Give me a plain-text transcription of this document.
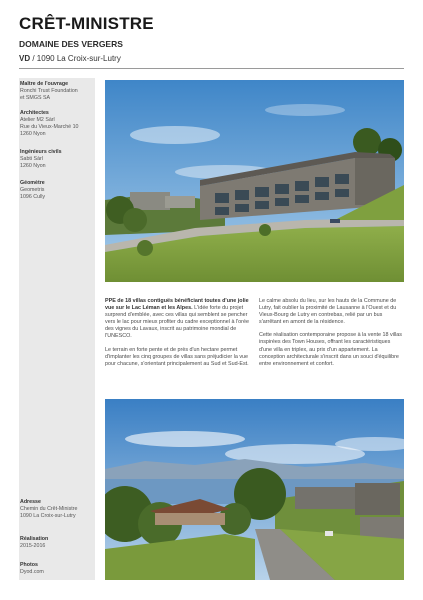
CRÊT-MINISTRE
DOMAINE DES VERGERS
VD / 1090 La Croix-sur-Lutry
Maître de l'ouvrage
Ronchi Trust Foundation
et SMGS SA
Architectes
Atelier M2 Sàrl
Rue du Vieux-Marché 10
1260 Nyon
Ingénieurs civils
Sabti Sàrl
1260 Nyon
Géomètre
Geometris
1096 Cully
Adresse
Chemin du Crêt-Ministre
1090 La Croix-sur-Lutry
Réalisation
2015-2016
Photos
Dyod.com

PPE de 18 villas contiguës bénéficiant toutes d'une jolie vue sur le Lac Léman et les Alpes. L'idée forte du projet surprend d'emblée, avec ces villas qui semblent se pencher vers le lac pour mieux profiter du cadre exceptionnel à l'orée des vignes du Lavaux, inscrit au patrimoine mondial de l'UNESCO.

Le terrain en forte pente et de près d'un hectare permet d'implanter les cinq groupes de villas sans préjudicier la vue pour chacune, s'orientant principalement au Sud et Sud-Est.

Le calme absolu du lieu, sur les hauts de la Commune de Lutry, fait oublier la proximité de Lausanne à l'Ouest et du Vieux-Bourg de Lutry en contrebas, relié par un bus s'arrêtant en amont de la résidence.

Cette réalisation contemporaine propose à la vente 18 villas inspirées des Town Houses, offrant les caractéristiques d'une villa en triplex, au prix d'un appartement. La conception architecturale s'inscrit dans un souci d'équilibre entre environnement et confort.
